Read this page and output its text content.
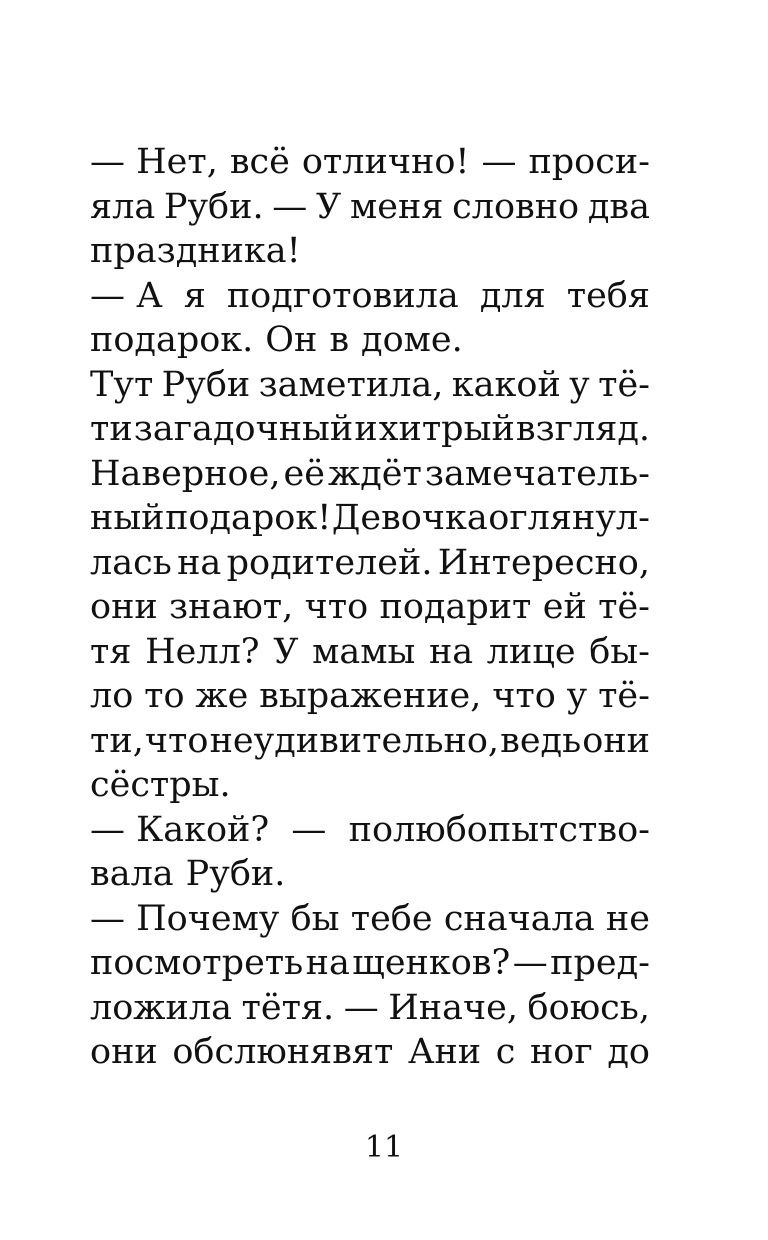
— Нет, всё отлично! — проси-
яла Руби. — У меня словно два
праздника!
— А я подготовила для тебя
подарок. Он в доме.
Тут Руби заметила, какой у тё-
ти загадочный и хитрый взгляд.
Наверное, её ждёт замечатель-
ный подарок! Девочка оглянул-
лась на родителей. Интересно,
они знают, что подарит ей тё-
тя Нелл? У мамы на лице бы-
ло то же выражение, что у тё-
ти, что неудивительно, ведь они
сёстры.
— Какой? — полюбопытство-
вала Руби.
— Почему бы тебе сначала не
посмотреть на щенков? — пред-
ложила тётя. — Иначе, боюсь,
они обслюнявят Ани с ног до
11
